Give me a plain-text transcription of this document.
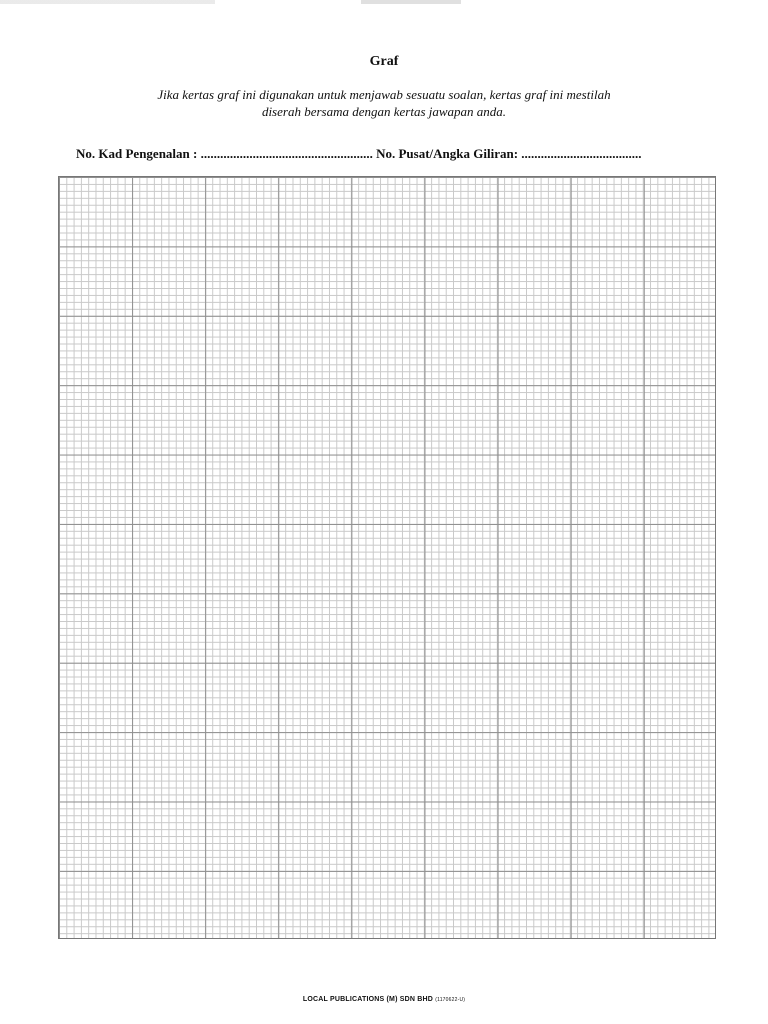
Graf
Jika kertas graf ini digunakan untuk menjawab sesuatu soalan, kertas graf ini mestilah
diserah bersama dengan kertas jawapan anda.
No. Kad Pengenalan : ..................................................... No. Pusat/Angka Giliran: .....................................
LOCAL PUBLICATIONS (M) SDN BHD (1170622-U)
